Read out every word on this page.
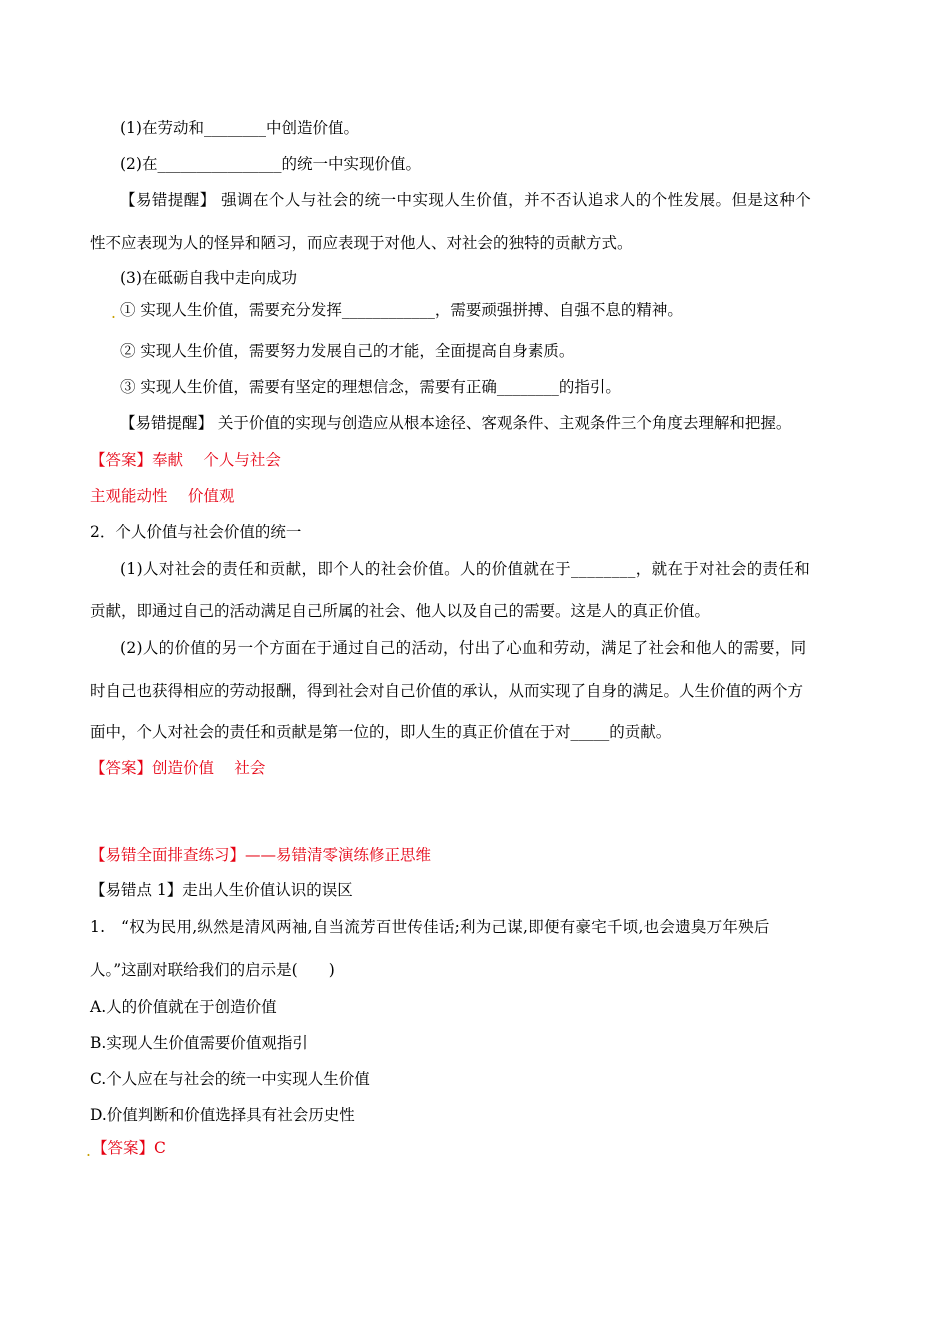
(1)在劳动和________中创造价值。
(2)在________________的统一中实现价值。
【易错提醒】 强调在个人与社会的统一中实现人生价值，并不否认追求人的个性发展。但是这种个
性不应表现为人的怪异和陋习，而应表现于对他人、对社会的独特的贡献方式。
(3)在砥砺自我中走向成功
. ① 实现人生价值，需要充分发挥____________，需要顽强拼搏、自强不息的精神。
② 实现人生价值，需要努力发展自己的才能，全面提高自身素质。
③ 实现人生价值，需要有坚定的理想信念，需要有正确________的指引。
【易错提醒】 关于价值的实现与创造应从根本途径、客观条件、主观条件三个角度去理解和把握。
【答案】奉献　 个人与社会
主观能动性　 价值观
2．个人价值与社会价值的统一
(1)人对社会的责任和贡献，即个人的社会价值。人的价值就在于________，就在于对社会的责任和
贡献，即通过自己的活动满足自己所属的社会、他人以及自己的需要。这是人的真正价值。
(2)人的价值的另一个方面在于通过自己的活动，付出了心血和劳动，满足了社会和他人的需要，同
时自己也获得相应的劳动报酬，得到社会对自己价值的承认，从而实现了自身的满足。人生价值的两个方
面中，个人对社会的责任和贡献是第一位的，即人生的真正价值在于对_____的贡献。
【答案】创造价值　 社会
【易错全面排查练习】——易错清零演练修正思维
【易错点 1】走出人生价值认识的误区
1.　“权为民用,纵然是清风两袖,自当流芳百世传佳话;利为己谋,即便有豪宅千顷,也会遗臭万年殃后
人。”这副对联给我们的启示是(　　)
A.人的价值就在于创造价值
B.实现人生价值需要价值观指引
C.个人应在与社会的统一中实现人生价值
D.价值判断和价值选择具有社会历史性
. 【答案】C
